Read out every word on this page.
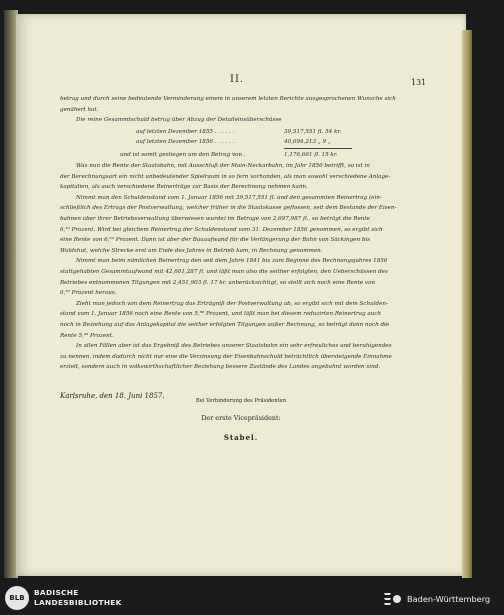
II.	131
betrag und durch seine bedeutende Verminderung einem in unserem letzten Berichte ausgesprochenen Wunsche sich
genähert hat.
Die reine Gesammtschuld betrug über Abzug der Detaileinsüberschüsse
auf letzten Dezember 1855 . . . . . .	39,517,551 fl. 54 kr.
auf letzten Dezember 1856 . . . . . .	40,694,213 „ 9 „
und ist somit gestiegen um den Betrag von .	1,176,661 fl. 15 kr.
Was nun die Rente der Staatsbahn, mit Ausschluß der Main-Neckarbahn, im Jahr 1856 betrifft, so ist in
der Berechnungsart ein nicht unbedeutender Spielraum in so fern vorhanden, als man sowohl verschiedene Anlage-
kapitalien, als auch verschiedene Reinerträge zur Basis der Berechnung nehmen kann.
Nimmt man den Schuldenstand vom 1. Januar 1856 mit 39,517,551 fl. und den gesammten Reinertrag (ein-
schließlich des Ertrags der Postverwaltung, welcher früher in die Staatskasse geflossen, seit dem Bestande der Eisen-
bahnen aber ihrer Betriebsverwaltung überwiesen wurde) im Betrage von 2,697,987 fl., so beträgt die Rente
6,¹⁰ Prozent. Wird bei gleichem Reinertrag der Schuldenstand vom 31. Dezember 1856 genommen, so ergibt sich
eine Rente von 6,⁶³ Prozent. Dann ist aber der Bauaufwand für die Verlängerung der Bahn von Säckingen bis
Waldshut, welche Strecke erst am Ende des Jahres in Betrieb kam, in Rechnung genommen.
Nimmt man beim nämlichen Reinertrag den seit dem Jahre 1841 bis zum Beginne des Rechnungsjahres 1856
stattgehabten Gesammtaufwand mit 42,601,287 fl. und läßt man also die seither erfolgten, den Ueberschüssen des
Betriebes entnommenen Tilgungen mit 2,451,903 fl. 17 kr. unberücksichtigt, so stellt sich noch eine Rente von
6,³³ Prozent heraus.
Zieht man jedoch von dem Reinertrag das Erträgniß der Postverwaltung ab, so ergibt sich mit dem Schulden-
stand vom 1. Januar 1856 noch eine Rente von 5,⁸⁸ Prozent, und läßt man bei diesem reduzirten Reinertrag auch
noch in Beziehung auf das Anlagekapital die seither erfolgten Tilgungen außer Rechnung, so beträgt dann noch die
Rente 5,⁴³ Prozent.
In allen Fällen aber ist das Ergebniß des Betriebes unserer Staatsbahn ein sehr erfreuliches und beruhigendes
zu nennen, indem dadurch nicht nur eine die Verzinsung der Eisenbahnschuld beträchtlich übersteigende Einnahme
erzielt, sondern auch in volkswirthschaftlicher Beziehung bessere Zustände des Landes angebahnt worden sind.
Karlsruhe, den 18. Juni 1857.
Bei Verhinderung des Präsidenten
Der erste Vicepräsident:
Stabel.
BLB
BADISCHE
LANDESBIBLIOTHEK	Baden-Württemberg
